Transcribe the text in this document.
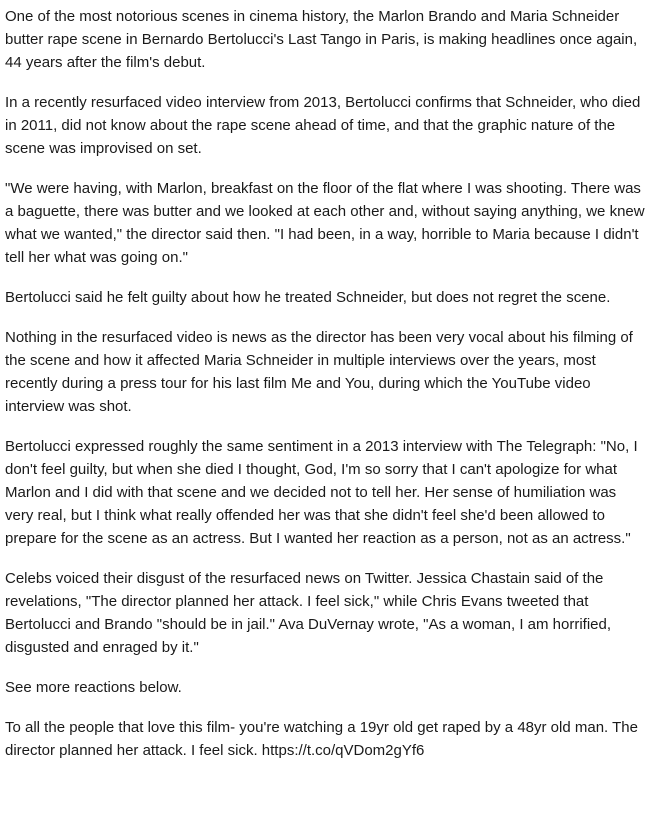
One of the most notorious scenes in cinema history, the Marlon Brando and Maria Schneider butter rape scene in Bernardo Bertolucci's Last Tango in Paris, is making headlines once again, 44 years after the film's debut.

In a recently resurfaced video interview from 2013, Bertolucci confirms that Schneider, who died in 2011, did not know about the rape scene ahead of time, and that the graphic nature of the scene was improvised on set.

"We were having, with Marlon, breakfast on the floor of the flat where I was shooting. There was a baguette, there was butter and we looked at each other and, without saying anything, we knew what we wanted," the director said then. "I had been, in a way, horrible to Maria because I didn't tell her what was going on."

Bertolucci said he felt guilty about how he treated Schneider, but does not regret the scene.

Nothing in the resurfaced video is news as the director has been very vocal about his filming of the scene and how it affected Maria Schneider in multiple interviews over the years, most recently during a press tour for his last film Me and You, during which the YouTube video interview was shot.

Bertolucci expressed roughly the same sentiment in a 2013 interview with The Telegraph: "No, I don't feel guilty, but when she died I thought, God, I'm so sorry that I can't apologize for what Marlon and I did with that scene and we decided not to tell her. Her sense of humiliation was very real, but I think what really offended her was that she didn't feel she'd been allowed to prepare for the scene as an actress. But I wanted her reaction as a person, not as an actress."

Celebs voiced their disgust of the resurfaced news on Twitter. Jessica Chastain said of the revelations, "The director planned her attack. I feel sick," while Chris Evans tweeted that Bertolucci and Brando "should be in jail." Ava DuVernay wrote, "As a woman, I am horrified, disgusted and enraged by it."

See more reactions below.

To all the people that love this film- you're watching a 19yr old get raped by a 48yr old man. The director planned her attack. I feel sick. https://t.co/qVDom2gYf6
